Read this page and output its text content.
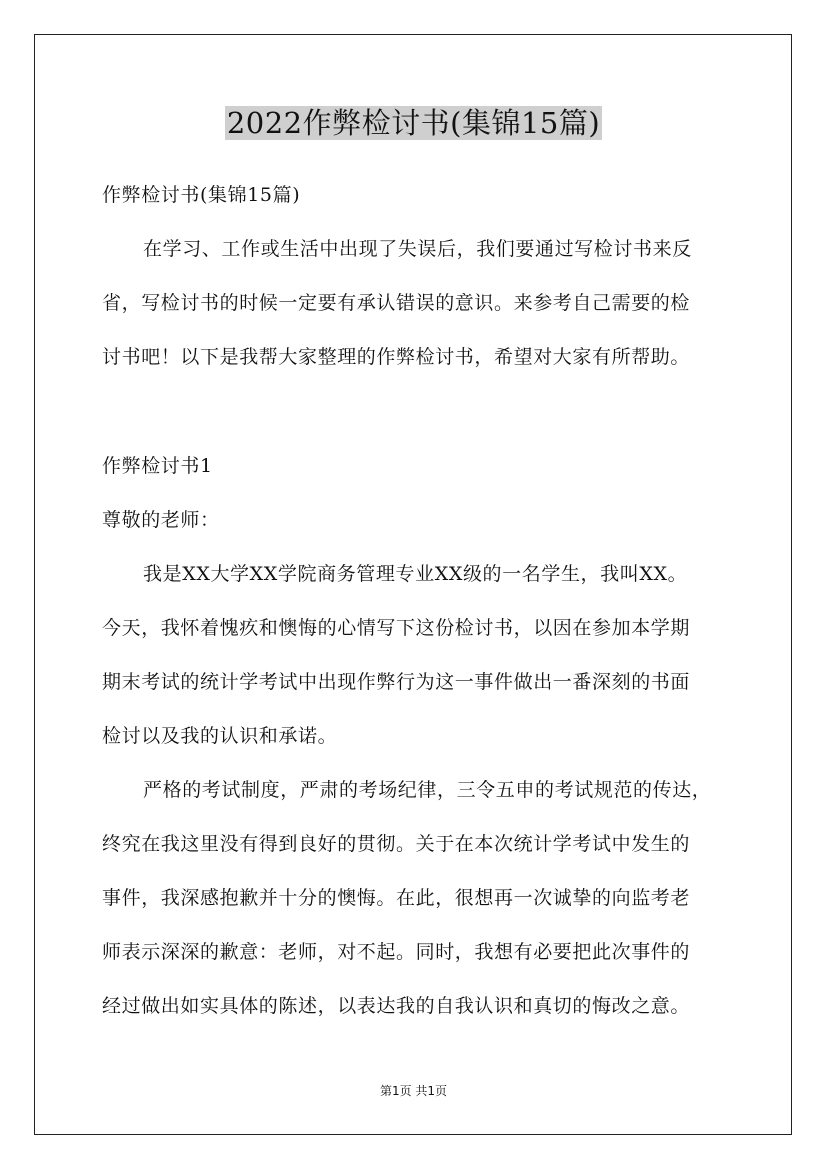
2022作弊检讨书(集锦15篇)

作弊检讨书(集锦15篇)

在学习、工作或生活中出现了失误后，我们要通过写检讨书来反

省，写检讨书的时候一定要有承认错误的意识。来参考自己需要的检

讨书吧！以下是我帮大家整理的作弊检讨书，希望对大家有所帮助。

作弊检讨书1

尊敬的老师：

我是XX大学XX学院商务管理专业XX级的一名学生，我叫XX。

今天，我怀着愧疚和懊悔的心情写下这份检讨书，以因在参加本学期

期末考试的统计学考试中出现作弊行为这一事件做出一番深刻的书面

检讨以及我的认识和承诺。

严格的考试制度，严肃的考场纪律，三令五申的考试规范的传达，

终究在我这里没有得到良好的贯彻。关于在本次统计学考试中发生的

事件，我深感抱歉并十分的懊悔。在此，很想再一次诚挚的向监考老

师表示深深的歉意：老师，对不起。同时，我想有必要把此次事件的

经过做出如实具体的陈述，以表达我的自我认识和真切的悔改之意。

第1页 共1页
